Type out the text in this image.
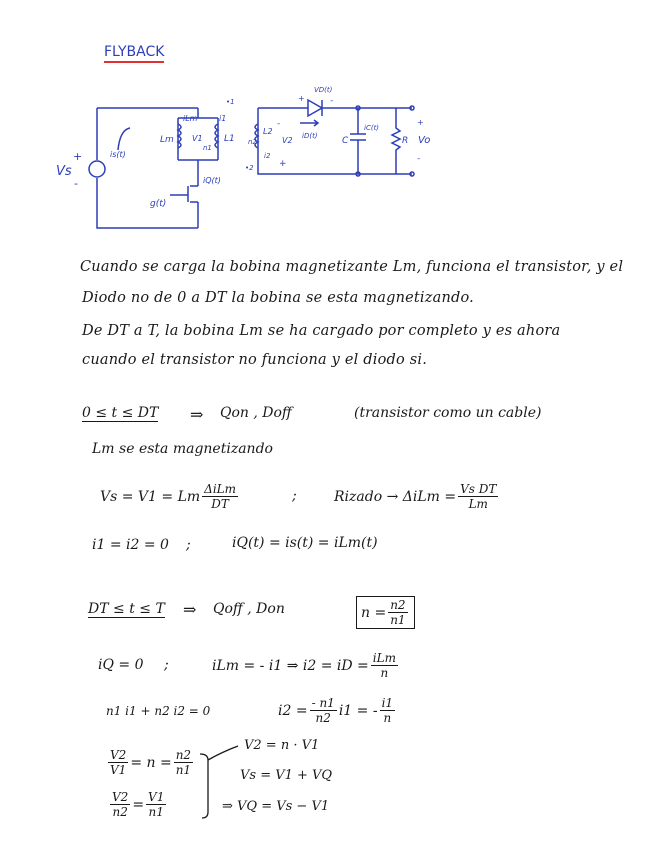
FLYBACK
Vs
+
-
is(t)
iLm
Lm V1 L1
n1
•1
i1
iQ(t)
g(t)
L2
n2	V2
i2
•2
VD(t)
iD(t)
iC(t)
C	R Vo
+
-
+	-
-
+
Cuando se carga la bobina magnetizante Lm, funciona el transistor, y el
Diodo no de 0 a DT la bobina se esta magnetizando.
De DT a T, la bobina Lm se ha cargado por completo y es ahora
cuando el transistor no funciona y el diodo si.
0 ≤ t ≤ DT ⇒ Qon , Doff	(transistor como un cable)
Lm se esta magnetizando
Vs = V1 = Lm $\frac{\text{ΔiLm}}{DT}$	;	Rizado → $\Delta iLm = \frac{\text{Vs DT}}{Lm}$
i1 = i2 = 0 ;	iQ(t) = is(t) = iLm(t)
DT ≤ t ≤ T ⇒ Qoff , Don	$n = \frac{n2}{n1}$
iQ = 0 ;	iLm = - i1 ⇒ i2 = iD = $\frac{\text{iLm}}{n}$
n1 i1 + n2 i2 = 0	$i2 = \frac{- n1}{n2} i1$ = - $\frac{i1}{n}$
$\frac{V2}{V1} = n = \frac{n2}{n1}$
$\frac{V2}{n2} = \frac{V1}{n1}$
V2 = n · V1
Vs = V1 + VQ
⇒ VQ = Vs − V1
